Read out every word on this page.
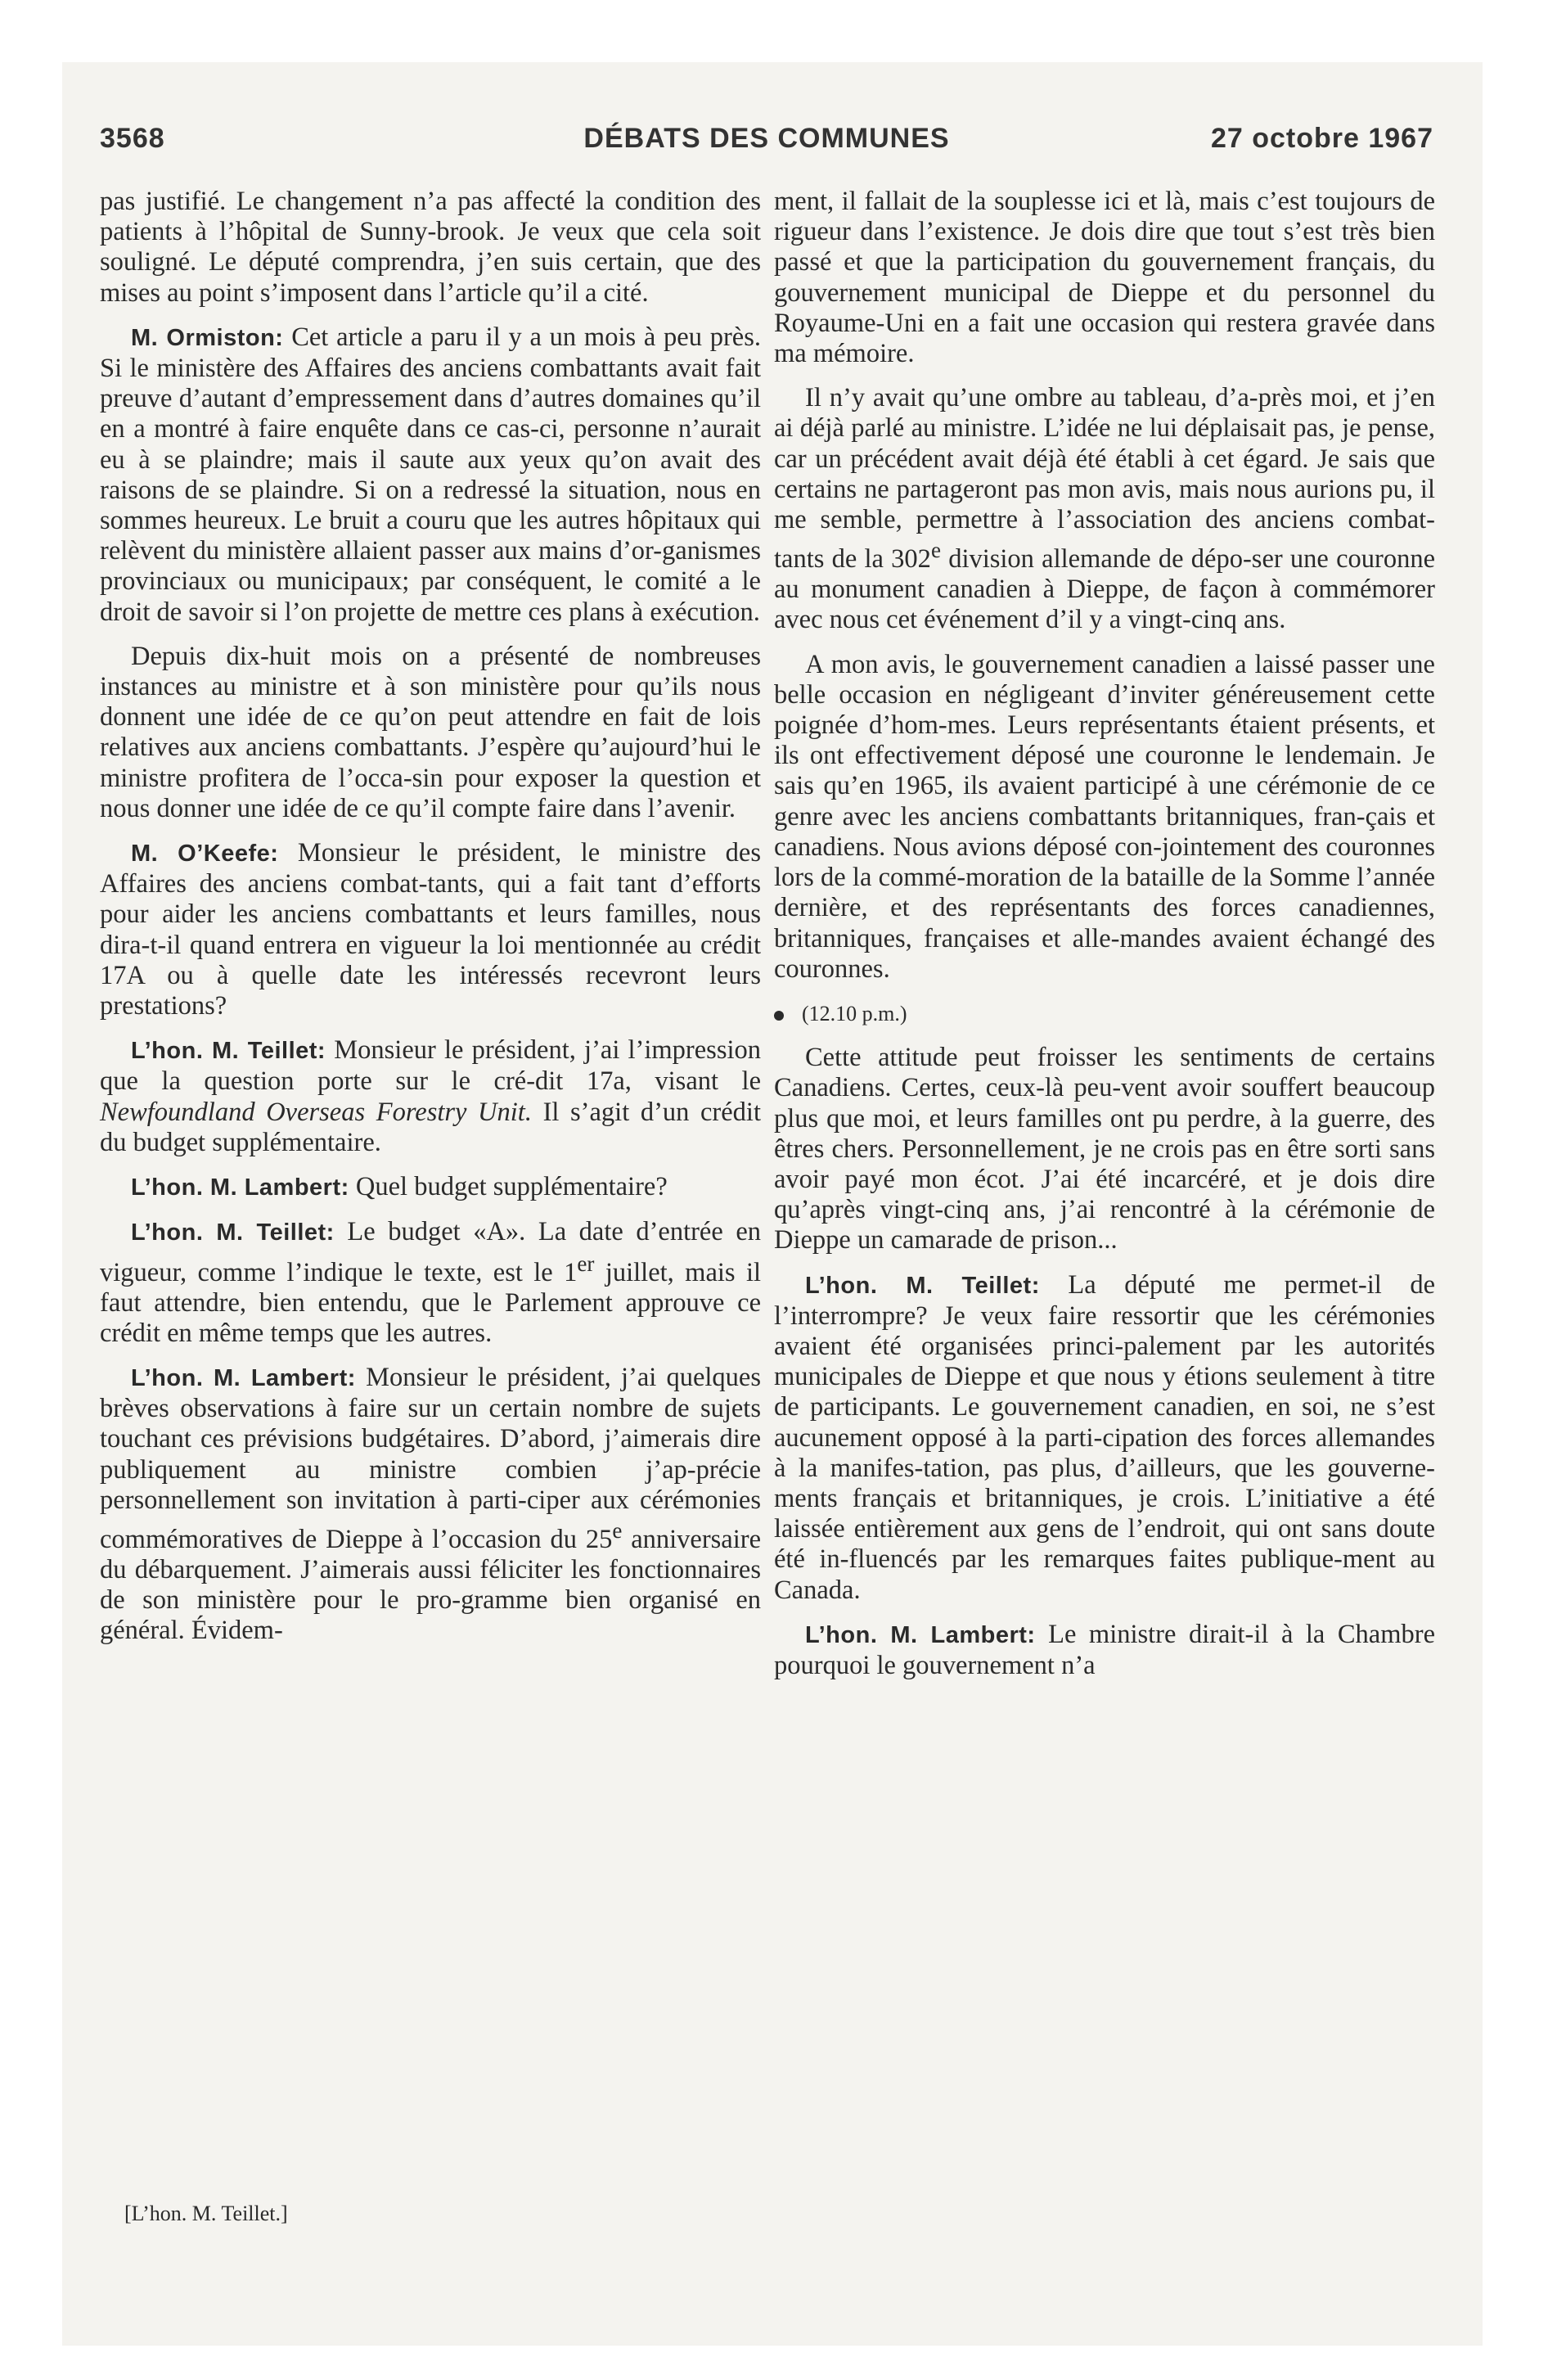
3568	DÉBATS DES COMMUNES	27 octobre 1967

pas justifié. Le changement n’a pas affecté la condition des patients à l’hôpital de Sunny-brook. Je veux que cela soit souligné. Le député comprendra, j’en suis certain, que des mises au point s’imposent dans l’article qu’il a cité.

M. Ormiston: Cet article a paru il y a un mois à peu près. Si le ministère des Affaires des anciens combattants avait fait preuve d’autant d’empressement dans d’autres domaines qu’il en a montré à faire enquête dans ce cas-ci, personne n’aurait eu à se plaindre; mais il saute aux yeux qu’on avait des raisons de se plaindre. Si on a redressé la situation, nous en sommes heureux. Le bruit a couru que les autres hôpitaux qui relèvent du ministère allaient passer aux mains d’or-ganismes provinciaux ou municipaux; par conséquent, le comité a le droit de savoir si l’on projette de mettre ces plans à exécution.

Depuis dix-huit mois on a présenté de nombreuses instances au ministre et à son ministère pour qu’ils nous donnent une idée de ce qu’on peut attendre en fait de lois relatives aux anciens combattants. J’espère qu’aujourd’hui le ministre profitera de l’occa-sin pour exposer la question et nous donner une idée de ce qu’il compte faire dans l’avenir.

M. O’Keefe: Monsieur le président, le ministre des Affaires des anciens combat-tants, qui a fait tant d’efforts pour aider les anciens combattants et leurs familles, nous dira-t-il quand entrera en vigueur la loi mentionnée au crédit 17A ou à quelle date les intéressés recevront leurs prestations?

L’hon. M. Teillet: Monsieur le président, j’ai l’impression que la question porte sur le cré-dit 17a, visant le Newfoundland Overseas Forestry Unit. Il s’agit d’un crédit du budget supplémentaire.

L’hon. M. Lambert: Quel budget supplémentaire?

L’hon. M. Teillet: Le budget «A». La date d’entrée en vigueur, comme l’indique le texte, est le 1er juillet, mais il faut attendre, bien entendu, que le Parlement approuve ce crédit en même temps que les autres.

L’hon. M. Lambert: Monsieur le président, j’ai quelques brèves observations à faire sur un certain nombre de sujets touchant ces prévisions budgétaires. D’abord, j’aimerais dire publiquement au ministre combien j’ap-précie personnellement son invitation à parti-ciper aux cérémonies commémoratives de Dieppe à l’occasion du 25e anniversaire du débarquement. J’aimerais aussi féliciter les fonctionnaires de son ministère pour le pro-gramme bien organisé en général. Évidem-

[L’hon. M. Teillet.]

ment, il fallait de la souplesse ici et là, mais c’est toujours de rigueur dans l’existence. Je dois dire que tout s’est très bien passé et que la participation du gouvernement français, du gouvernement municipal de Dieppe et du personnel du Royaume-Uni en a fait une occasion qui restera gravée dans ma mémoire.

Il n’y avait qu’une ombre au tableau, d’a-près moi, et j’en ai déjà parlé au ministre. L’idée ne lui déplaisait pas, je pense, car un précédent avait déjà été établi à cet égard. Je sais que certains ne partageront pas mon avis, mais nous aurions pu, il me semble, permettre à l’association des anciens combat-tants de la 302e division allemande de dépo-ser une couronne au monument canadien à Dieppe, de façon à commémorer avec nous cet événement d’il y a vingt-cinq ans.

A mon avis, le gouvernement canadien a laissé passer une belle occasion en négligeant d’inviter généreusement cette poignée d’hom-mes. Leurs représentants étaient présents, et ils ont effectivement déposé une couronne le lendemain. Je sais qu’en 1965, ils avaient participé à une cérémonie de ce genre avec les anciens combattants britanniques, fran-çais et canadiens. Nous avions déposé con-jointement des couronnes lors de la commé-moration de la bataille de la Somme l’année dernière, et des représentants des forces canadiennes, britanniques, françaises et alle-mandes avaient échangé des couronnes.

(12.10 p.m.)

Cette attitude peut froisser les sentiments de certains Canadiens. Certes, ceux-là peu-vent avoir souffert beaucoup plus que moi, et leurs familles ont pu perdre, à la guerre, des êtres chers. Personnellement, je ne crois pas en être sorti sans avoir payé mon écot. J’ai été incarcéré, et je dois dire qu’après vingt-cinq ans, j’ai rencontré à la cérémonie de Dieppe un camarade de prison...

L’hon. M. Teillet: La député me permet-il de l’interrompre? Je veux faire ressortir que les cérémonies avaient été organisées princi-palement par les autorités municipales de Dieppe et que nous y étions seulement à titre de participants. Le gouvernement canadien, en soi, ne s’est aucunement opposé à la parti-cipation des forces allemandes à la manifes-tation, pas plus, d’ailleurs, que les gouverne-ments français et britanniques, je crois. L’initiative a été laissée entièrement aux gens de l’endroit, qui ont sans doute été in-fluencés par les remarques faites publique-ment au Canada.

L’hon. M. Lambert: Le ministre dirait-il à la Chambre pourquoi le gouvernement n’a
